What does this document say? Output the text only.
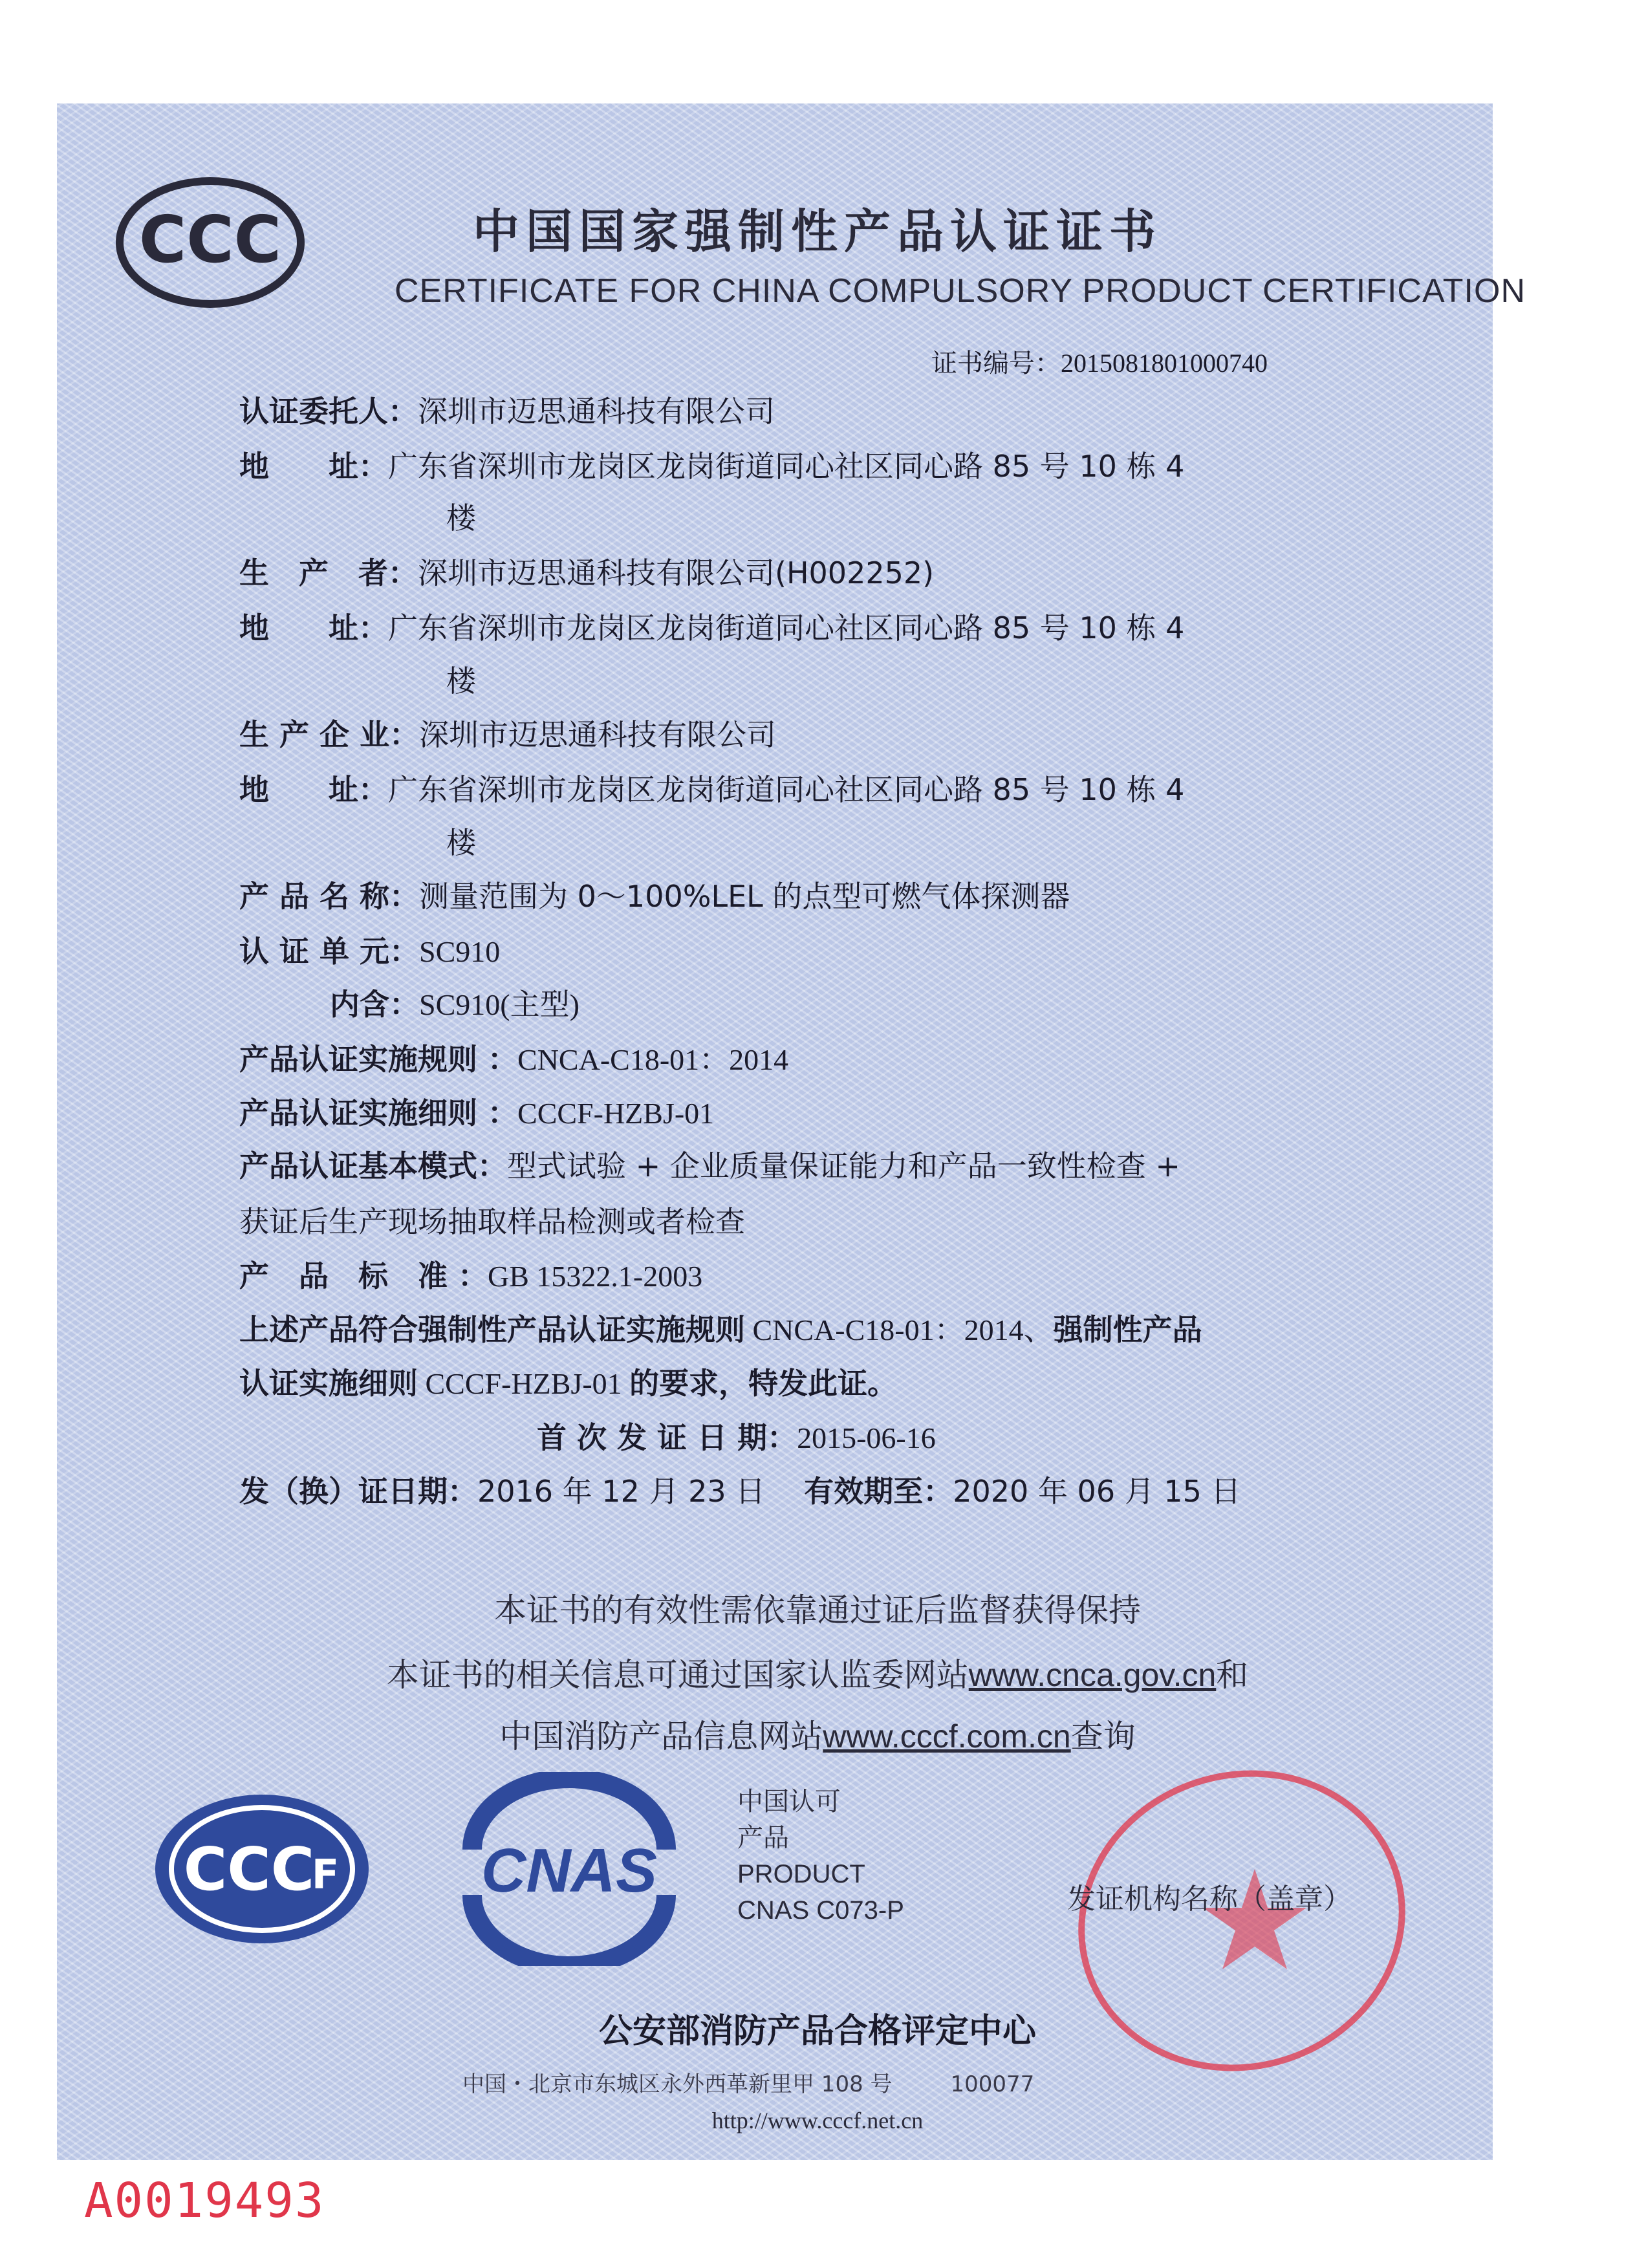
CCC	中国国家强制性产品认证证书
CERTIFICATE FOR CHINA COMPULSORY PRODUCT CERTIFICATION
证书编号：2015081801000740
认证委托人：深圳市迈思通科技有限公司
地　　址：广东省深圳市龙岗区龙岗街道同心社区同心路 85 号 10 栋 4
楼
生　产　者：深圳市迈思通科技有限公司(H002252)
地　　址：广东省深圳市龙岗区龙岗街道同心社区同心路 85 号 10 栋 4
楼
生 产 企 业：深圳市迈思通科技有限公司
地　　址：广东省深圳市龙岗区龙岗街道同心社区同心路 85 号 10 栋 4
楼
产 品 名 称：测量范围为 0～100%LEL 的点型可燃气体探测器
认 证 单 元：SC910
内含：SC910(主型)
产品认证实施规则 ：CNCA-C18-01：2014
产品认证实施细则 ：CCCF-HZBJ-01
产品认证基本模式：型式试验 + 企业质量保证能力和产品一致性检查 +
获证后生产现场抽取样品检测或者检查
产　品　标　准 ：GB 15322.1-2003
上述产品符合强制性产品认证实施规则 CNCA-C18-01：2014、强制性产品
认证实施细则 CCCF-HZBJ-01 的要求，特发此证。
首 次 发 证 日 期：2015-06-16
发（换）证日期：2016 年 12 月 23 日 有效期至：2020 年 06 月 15 日
本证书的有效性需依靠通过证后监督获得保持
本证书的相关信息可通过国家认监委网站www.cnca.gov.cn和
中国消防产品信息网站www.cccf.com.cn查询
CCC
F CNAS
中国认可
产品
PRODUCT
CNAS C073-P	发证机构名称（盖章）
公安部消防产品合格评定中心
中国・北京市东城区永外西革新里甲 108 号	100077
http://www.cccf.net.cn
A0019493
